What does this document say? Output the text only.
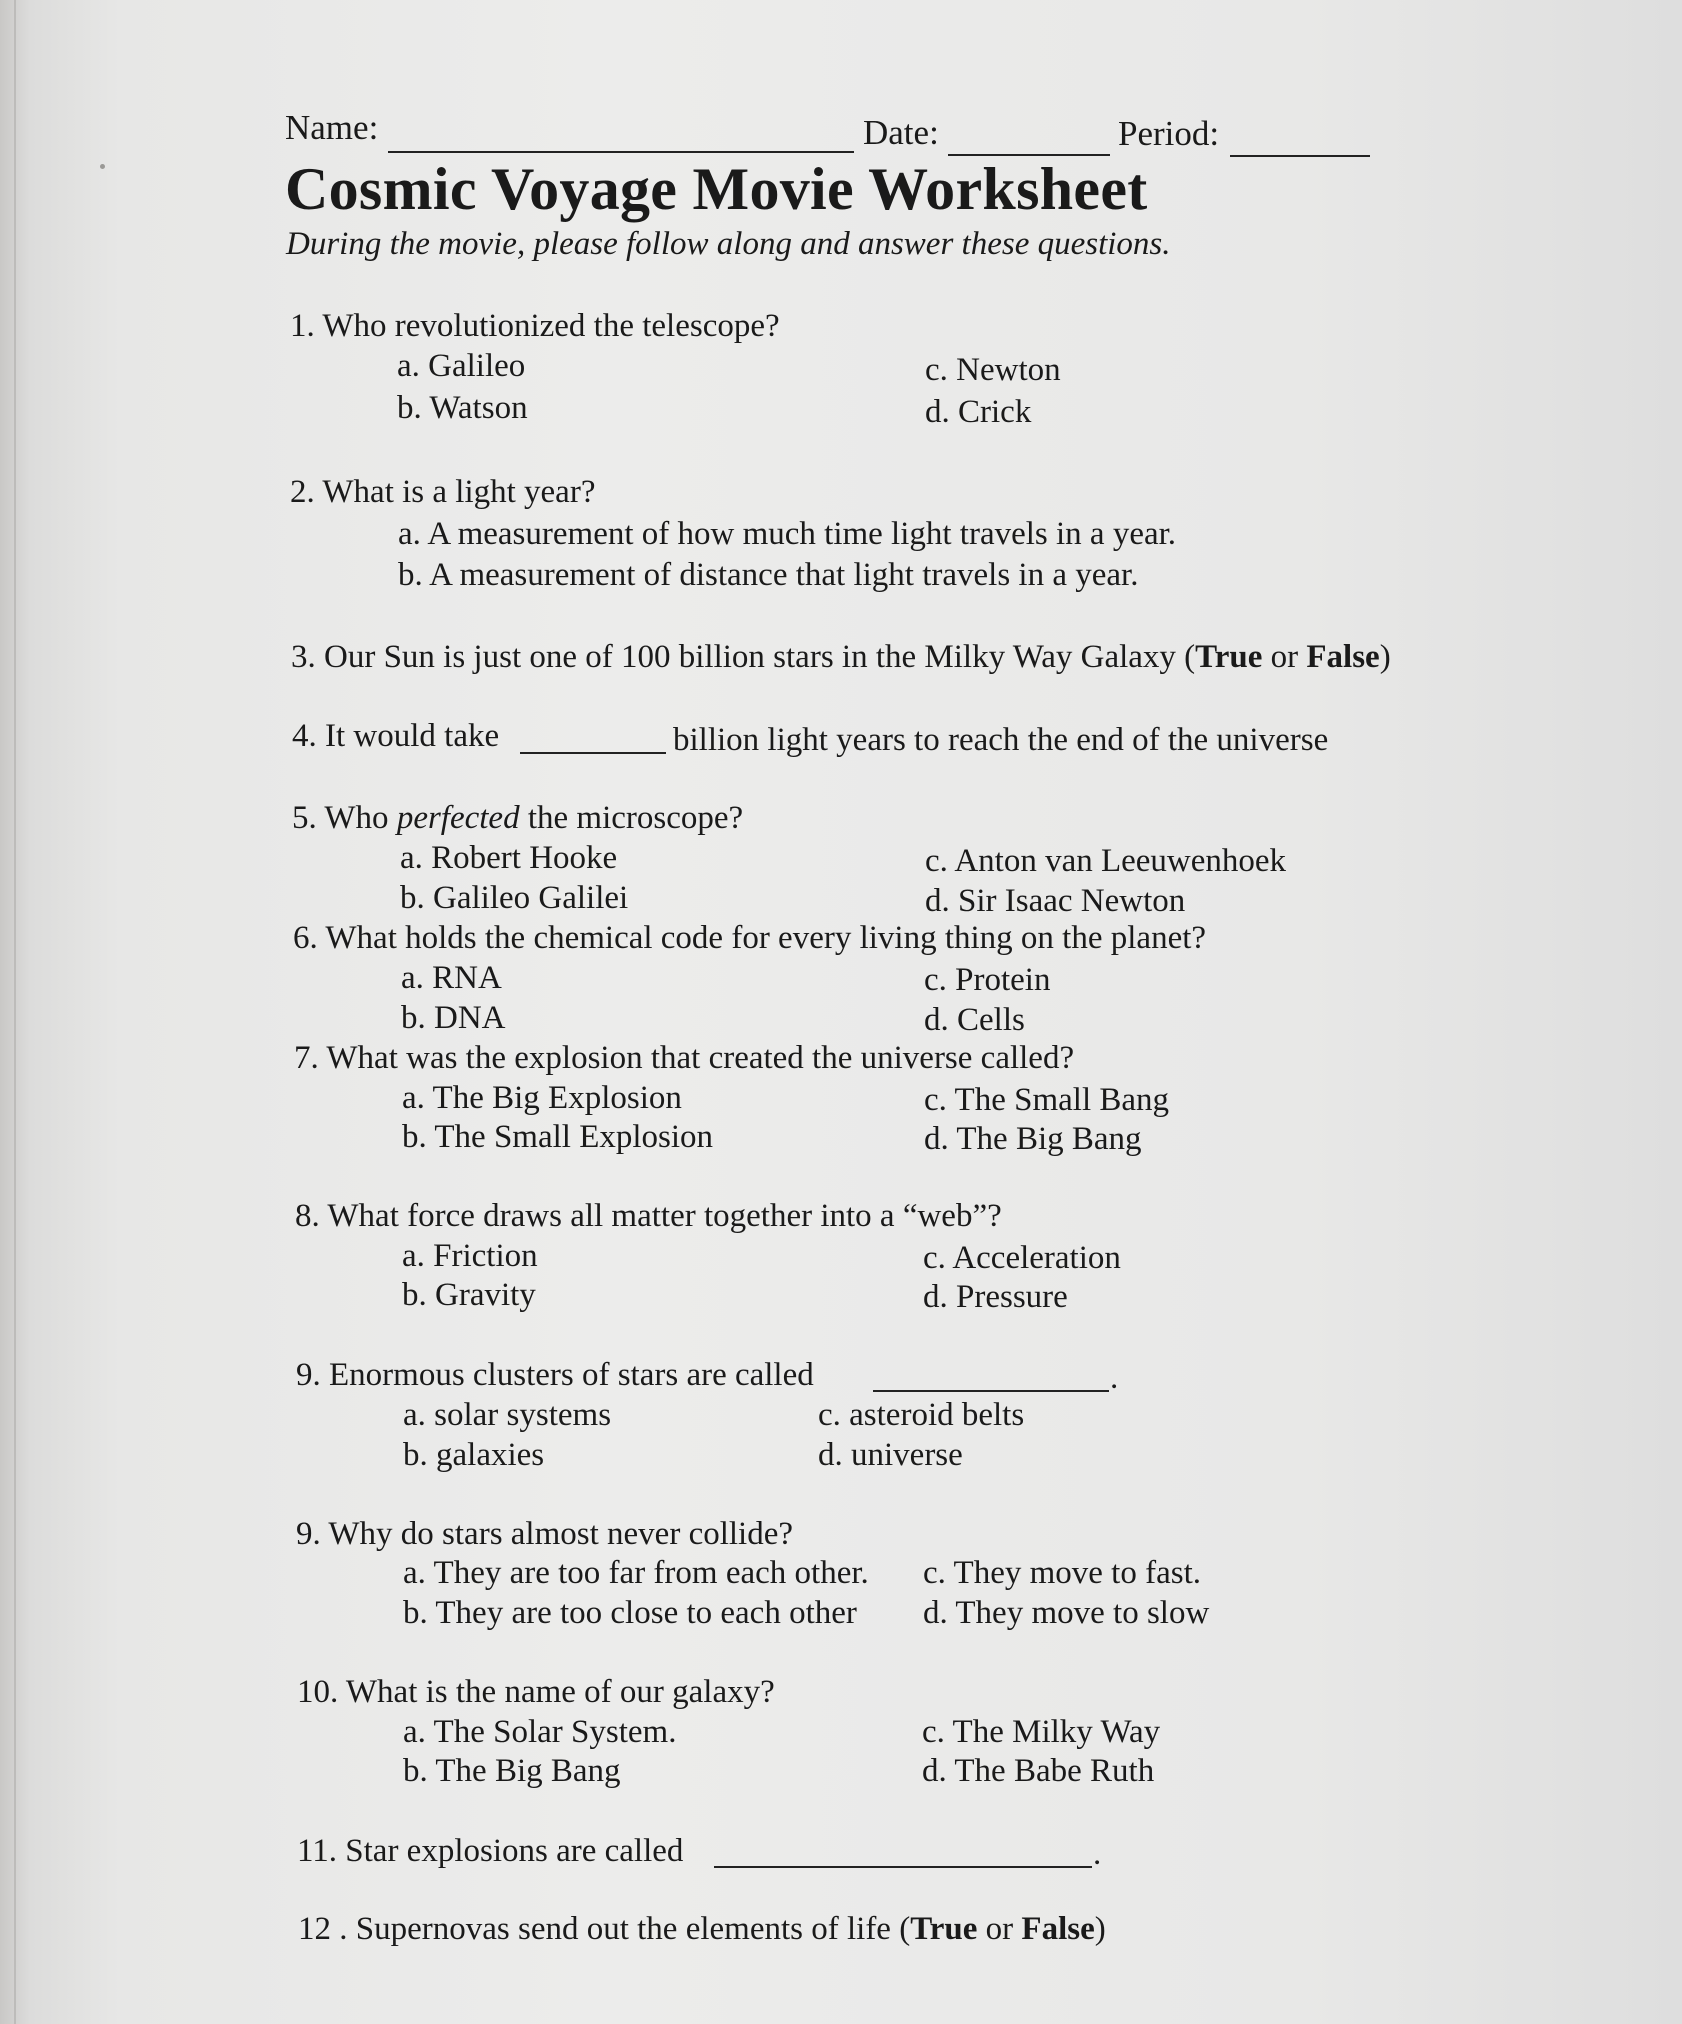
Name:	Date:	Period:
Cosmic Voyage Movie Worksheet
During the movie, please follow along and answer these questions.
1. Who revolutionized the telescope?
a. Galileo	c. Newton
b. Watson	d. Crick
2. What is a light year?
a. A measurement of how much time light travels in a year.
b. A measurement of distance that light travels in a year.
3. Our Sun is just one of 100 billion stars in the Milky Way Galaxy (True or False)
4. It would take	billion light years to reach the end of the universe
5. Who perfected the microscope?
a. Robert Hooke	c. Anton van Leeuwenhoek
b. Galileo Galilei	d. Sir Isaac Newton
6. What holds the chemical code for every living thing on the planet?
a. RNA	c. Protein
b. DNA	d. Cells
7. What was the explosion that created the universe called?
a. The Big Explosion	c. The Small Bang
b. The Small Explosion	d. The Big Bang
8. What force draws all matter together into a “web”?
a. Friction	c. Acceleration
b. Gravity	d. Pressure
9. Enormous clusters of stars are called	.
a. solar systems	c. asteroid belts
b. galaxies	d. universe
9. Why do stars almost never collide?
a. They are too far from each other. c. They move to fast.
b. They are too close to each other d. They move to slow
10. What is the name of our galaxy?
a. The Solar System.	c. The Milky Way
b. The Big Bang	d. The Babe Ruth
11. Star explosions are called	.
12 . Supernovas send out the elements of life (True or False)
